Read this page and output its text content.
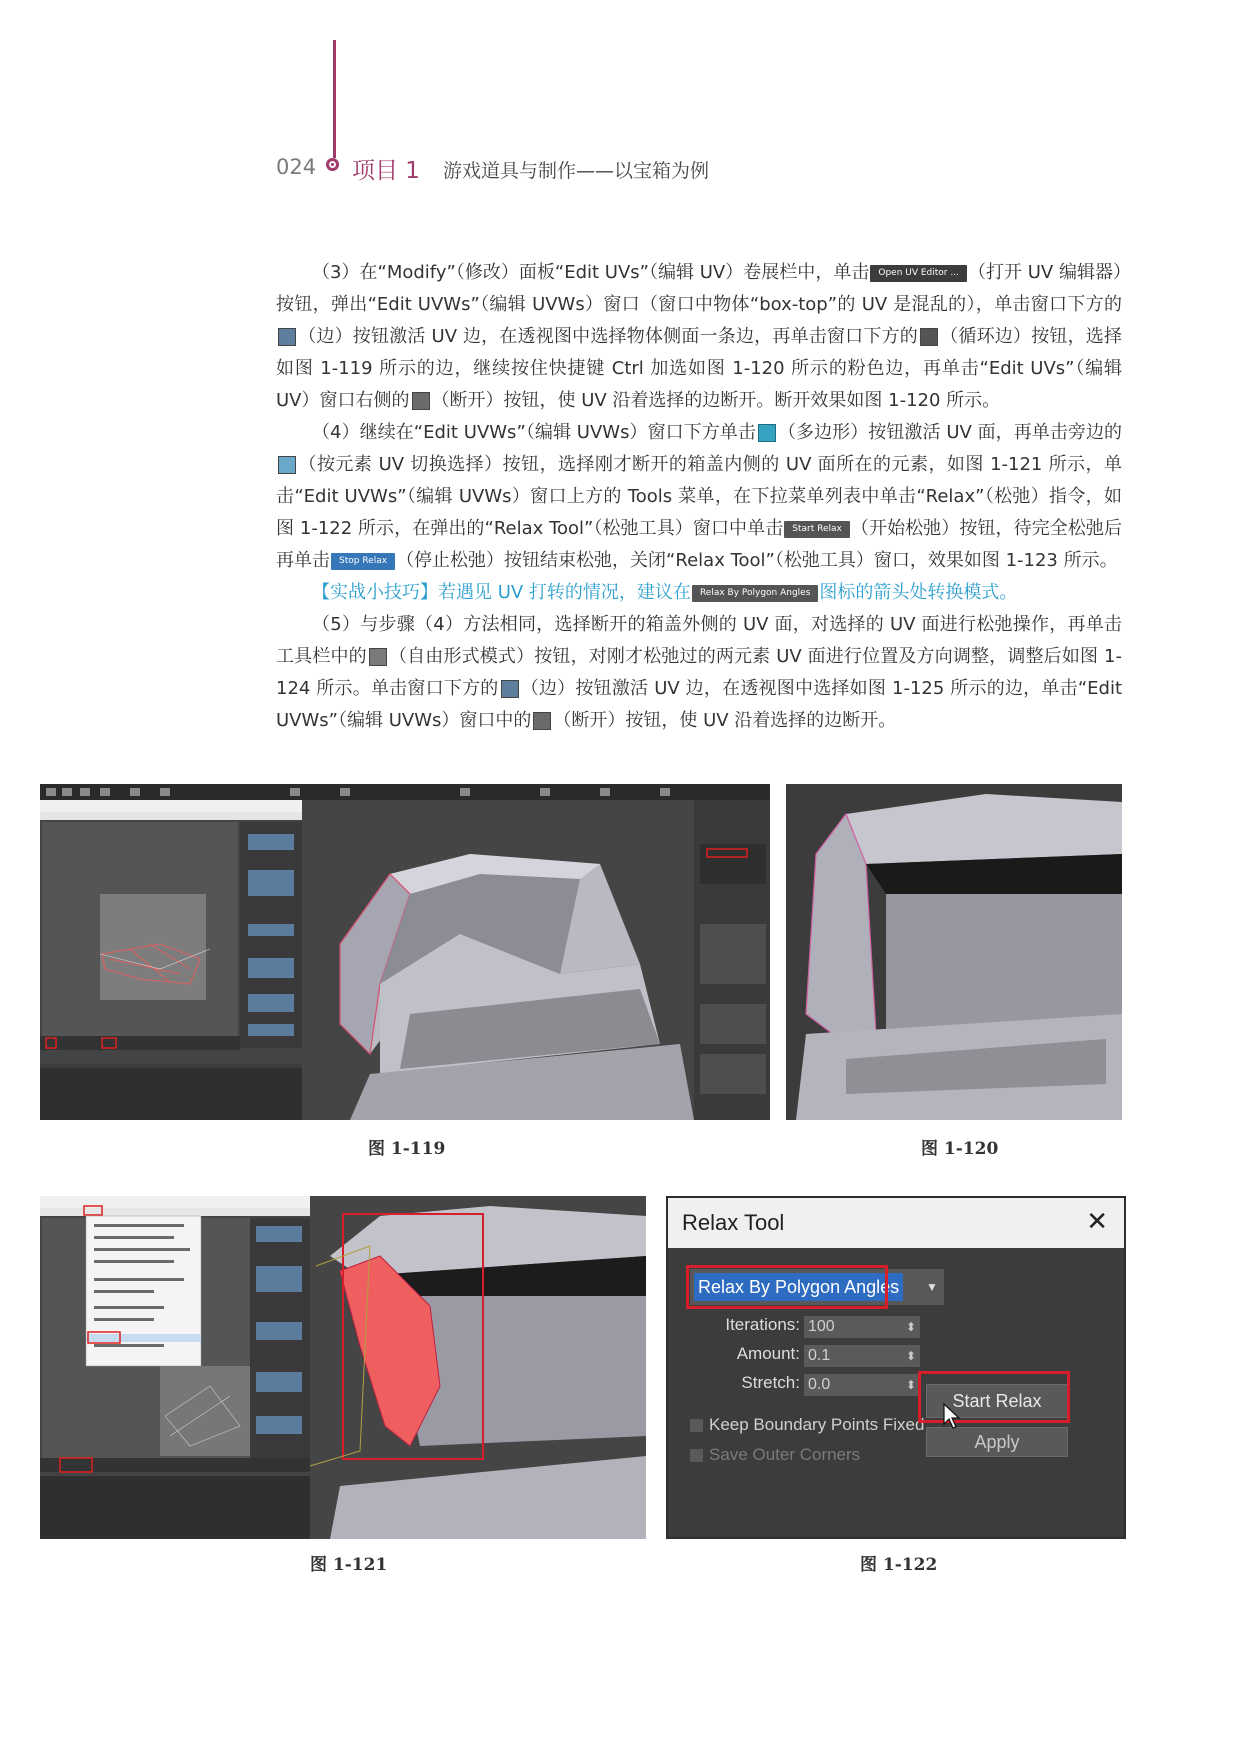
024 项目 1 游戏道具与制作——以宝箱为例

（3）在“Modify”（修改）面板“Edit UVs”（编辑 UV）卷展栏中，单击 Open UV Editor ... （打开 UV 编辑器）按钮，弹出“Edit UVWs”（编辑 UVWs）窗口（窗口中物体“box-top”的 UV 是混乱的），单击窗口下方的（边）按钮激活 UV 边，在透视图中选择物体侧面一条边，再单击窗口下方的 （循环边）按钮，选择如图 1-119 所示的边，继续按住快捷键 Ctrl 加选如图 1-120 所示的粉色边，再单击“Edit UVs”（编辑 UV）窗口右侧的 （断开）按钮，使 UV 沿着选择的边断开。断开效果如图 1-120 所示。

（4）继续在“Edit UVWs”（编辑 UVWs）窗口下方单击 （多边形）按钮激活 UV 面，再单击旁边的（按元素 UV 切换选择）按钮，选择刚才断开的箱盖内侧的 UV 面所在的元素，如图 1-121 所示，单击“Edit UVWs”（编辑 UVWs）窗口上方的 Tools 菜单，在下拉菜单列表中单击“Relax”（松弛）指令，如图 1-122 所示，在弹出的“Relax Tool”（松弛工具）窗口中单击 Start Relax （开始松弛）按钮，待完全松弛后再单击 Stop Relax （停止松弛）按钮结束松弛，关闭“Relax Tool”（松弛工具）窗口，效果如图 1-123 所示。

【实战小技巧】若遇见 UV 打转的情况，建议在 Relax By Polygon Angles 图标的箭头处转换模式。

（5）与步骤（4）方法相同，选择断开的箱盖外侧的 UV 面，对选择的 UV 面进行松弛操作，再单击工具栏中的 （自由形式模式）按钮，对刚才松弛过的两元素 UV 面进行位置及方向调整，调整后如图 1-124 所示。单击窗口下方的 （边）按钮激活 UV 边，在透视图中选择如图 1-125 所示的边，单击“Edit UVWs”（编辑 UVWs）窗口中的 （断开）按钮，使 UV 沿着选择的边断开。

图 1-119	图 1-120
图 1-121
Relax Tool	✕
Relax By Polygon Angles	▼
Iterations: 100 ⬍
Amount: 0.1 ⬍
Stretch: 0.0 ⬍
Keep Boundary Points Fixed
Save Outer Corners
Start Relax
Apply
图 1-122
